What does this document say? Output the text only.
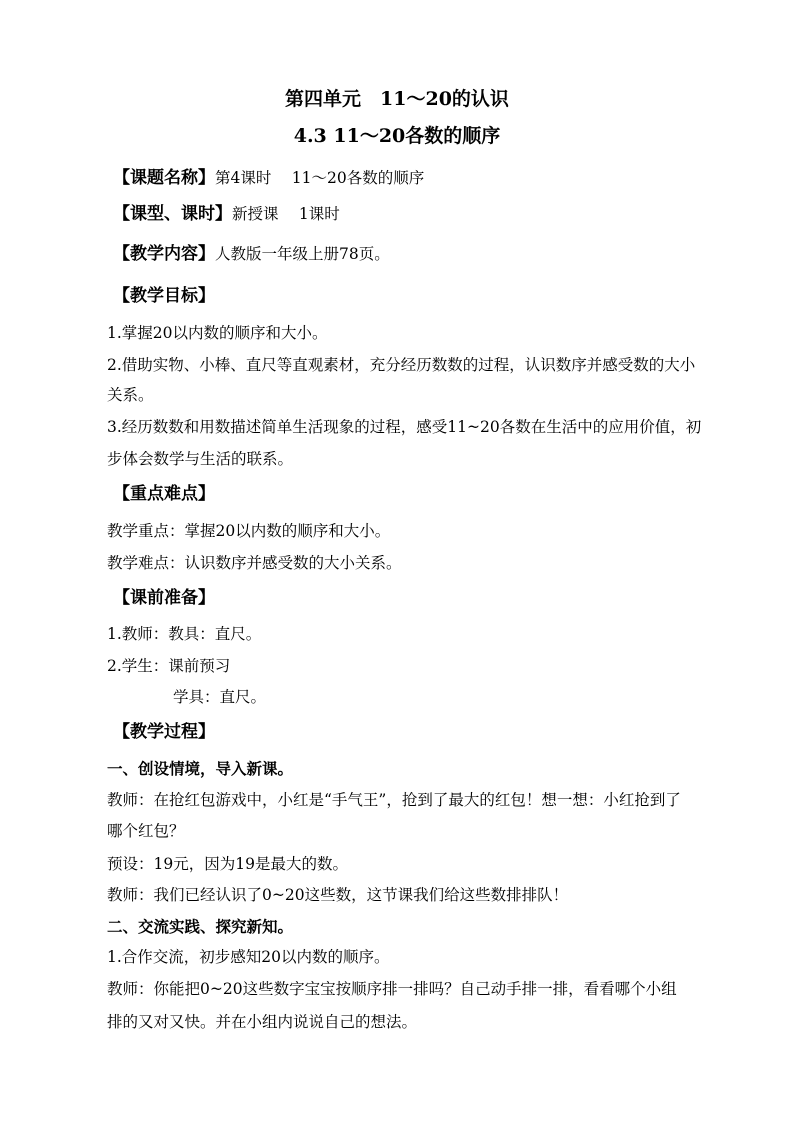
第四单元　11～20的认识
4.3 11～20各数的顺序
【课题名称】第4课时　 11～20各数的顺序
【课型、课时】新授课　 1课时
【教学内容】人教版一年级上册78页。
【教学目标】
1.掌握20以内数的顺序和大小。
2.借助实物、小棒、直尺等直观素材，充分经历数数的过程，认识数序并感受数的大小
关系。
3.经历数数和用数描述简单生活现象的过程，感受11~20各数在生活中的应用价值，初
步体会数学与生活的联系。
【重点难点】
教学重点：掌握20以内数的顺序和大小。
教学难点：认识数序并感受数的大小关系。
【课前准备】
1.教师：教具：直尺。
2.学生：课前预习
学具：直尺。
【教学过程】
一、创设情境，导入新课。
教师：在抢红包游戏中，小红是“手气王”，抢到了最大的红包！想一想：小红抢到了
哪个红包？
预设：19元，因为19是最大的数。
教师：我们已经认识了0~20这些数，这节课我们给这些数排排队！
二、交流实践、探究新知。
1.合作交流，初步感知20以内数的顺序。
教师：你能把0~20这些数字宝宝按顺序排一排吗？自己动手排一排，看看哪个小组
排的又对又快。并在小组内说说自己的想法。
